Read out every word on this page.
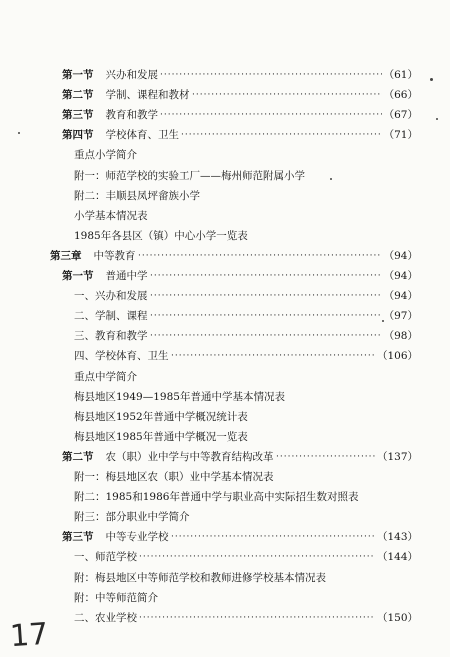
第一节 兴办和发展 ·····	（61）
第二节 学制、课程和教材 ·····	（66）
第三节 教育和教学 ·····	（67）
第四节 学校体育、卫生 ·····	（71）
重点小学简介
附一：师范学校的实验工厂——梅州师范附属小学
附二：丰顺县凤坪畲族小学
小学基本情况表
1985年各县区（镇）中心小学一览表
第三章 中等教育 ·····	（94）
第一节 普通中学 ·····	（94）
一、兴办和发展 ·····	（94）
二、学制、课程 ·····	（97）
三、教育和教学 ·····	（98）
四、学校体育、卫生 ·····	（106）
重点中学简介
梅县地区1949—1985年普通中学基本情况表
梅县地区1952年普通中学概况统计表
梅县地区1985年普通中学概况一览表
第二节 农（职）业中学与中等教育结构改革 ·····	（137）
附一：梅县地区农（职）业中学基本情况表
附二：1985和1986年普通中学与职业高中实际招生数对照表
附三：部分职业中学简介
第三节 中等专业学校 ·····	（143）
一、师范学校 ·····	（144）
附：梅县地区中等师范学校和教师进修学校基本情况表
附：中等师范简介
二、农业学校 ·····	（150）
17
